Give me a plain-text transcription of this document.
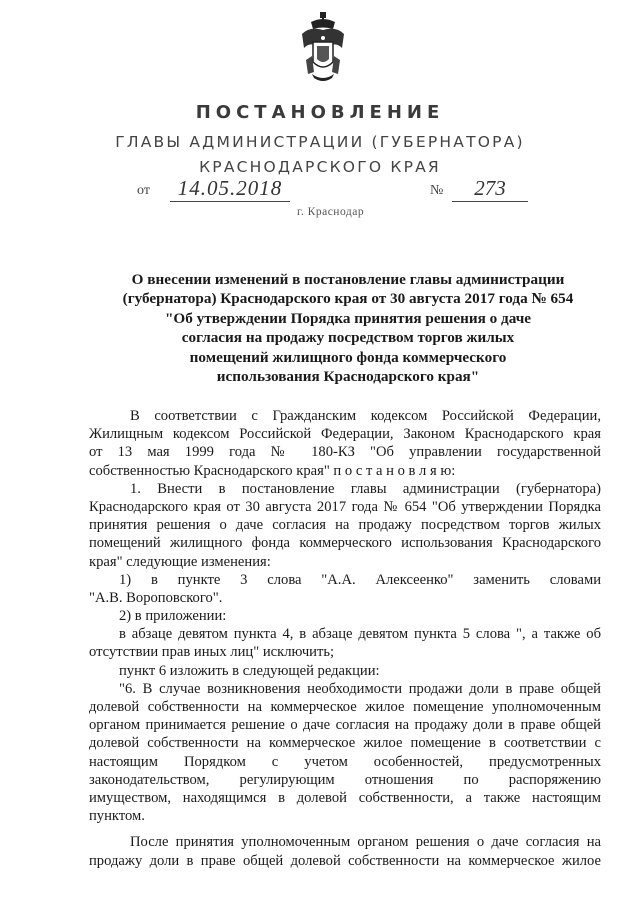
ПОСТАНОВЛЕНИЕ
ГЛАВЫ АДМИНИСТРАЦИИ (ГУБЕРНАТОРА)
КРАСНОДАРСКОГО КРАЯ
от	14.05.2018	№	273
г. Краснодар
О внесении изменений в постановление главы администрации
(губернатора) Краснодарского края от 30 августа 2017 года № 654
"Об утверждении Порядка принятия решения о даче
согласия на продажу посредством торгов жилых
помещений жилищного фонда коммерческого
использования Краснодарского края"
В соответствии с Гражданским кодексом Российской Федерации,
Жилищным кодексом Российской Федерации, Законом Краснодарского края
от 13 мая 1999 года № 180-КЗ "Об управлении государственной
собственностью Краснодарского края" п о с т а н о в л я ю:
1. Внести в постановление главы администрации (губернатора)
Краснодарского края от 30 августа 2017 года № 654 "Об утверждении Порядка
принятия решения о даче согласия на продажу посредством торгов жилых
помещений жилищного фонда коммерческого использования Краснодарского
края" следующие изменения:
1) в пункте 3 слова "А.А. Алексеенко" заменить словами
"А.В. Вороповского".
2) в приложении:
в абзаце девятом пункта 4, в абзаце девятом пункта 5 слова ", а также об
отсутствии прав иных лиц" исключить;
пункт 6 изложить в следующей редакции:
"6. В случае возникновения необходимости продажи доли в праве общей
долевой собственности на коммерческое жилое помещение уполномоченным
органом принимается решение о даче согласия на продажу доли в праве общей
долевой собственности на коммерческое жилое помещение в соответствии с
настоящим Порядком с учетом особенностей, предусмотренных
законодательством, регулирующим отношения по распоряжению
имуществом, находящимся в долевой собственности, а также настоящим
пунктом.
После принятия уполномоченным органом решения о даче согласия на
продажу доли в праве общей долевой собственности на коммерческое жилое
